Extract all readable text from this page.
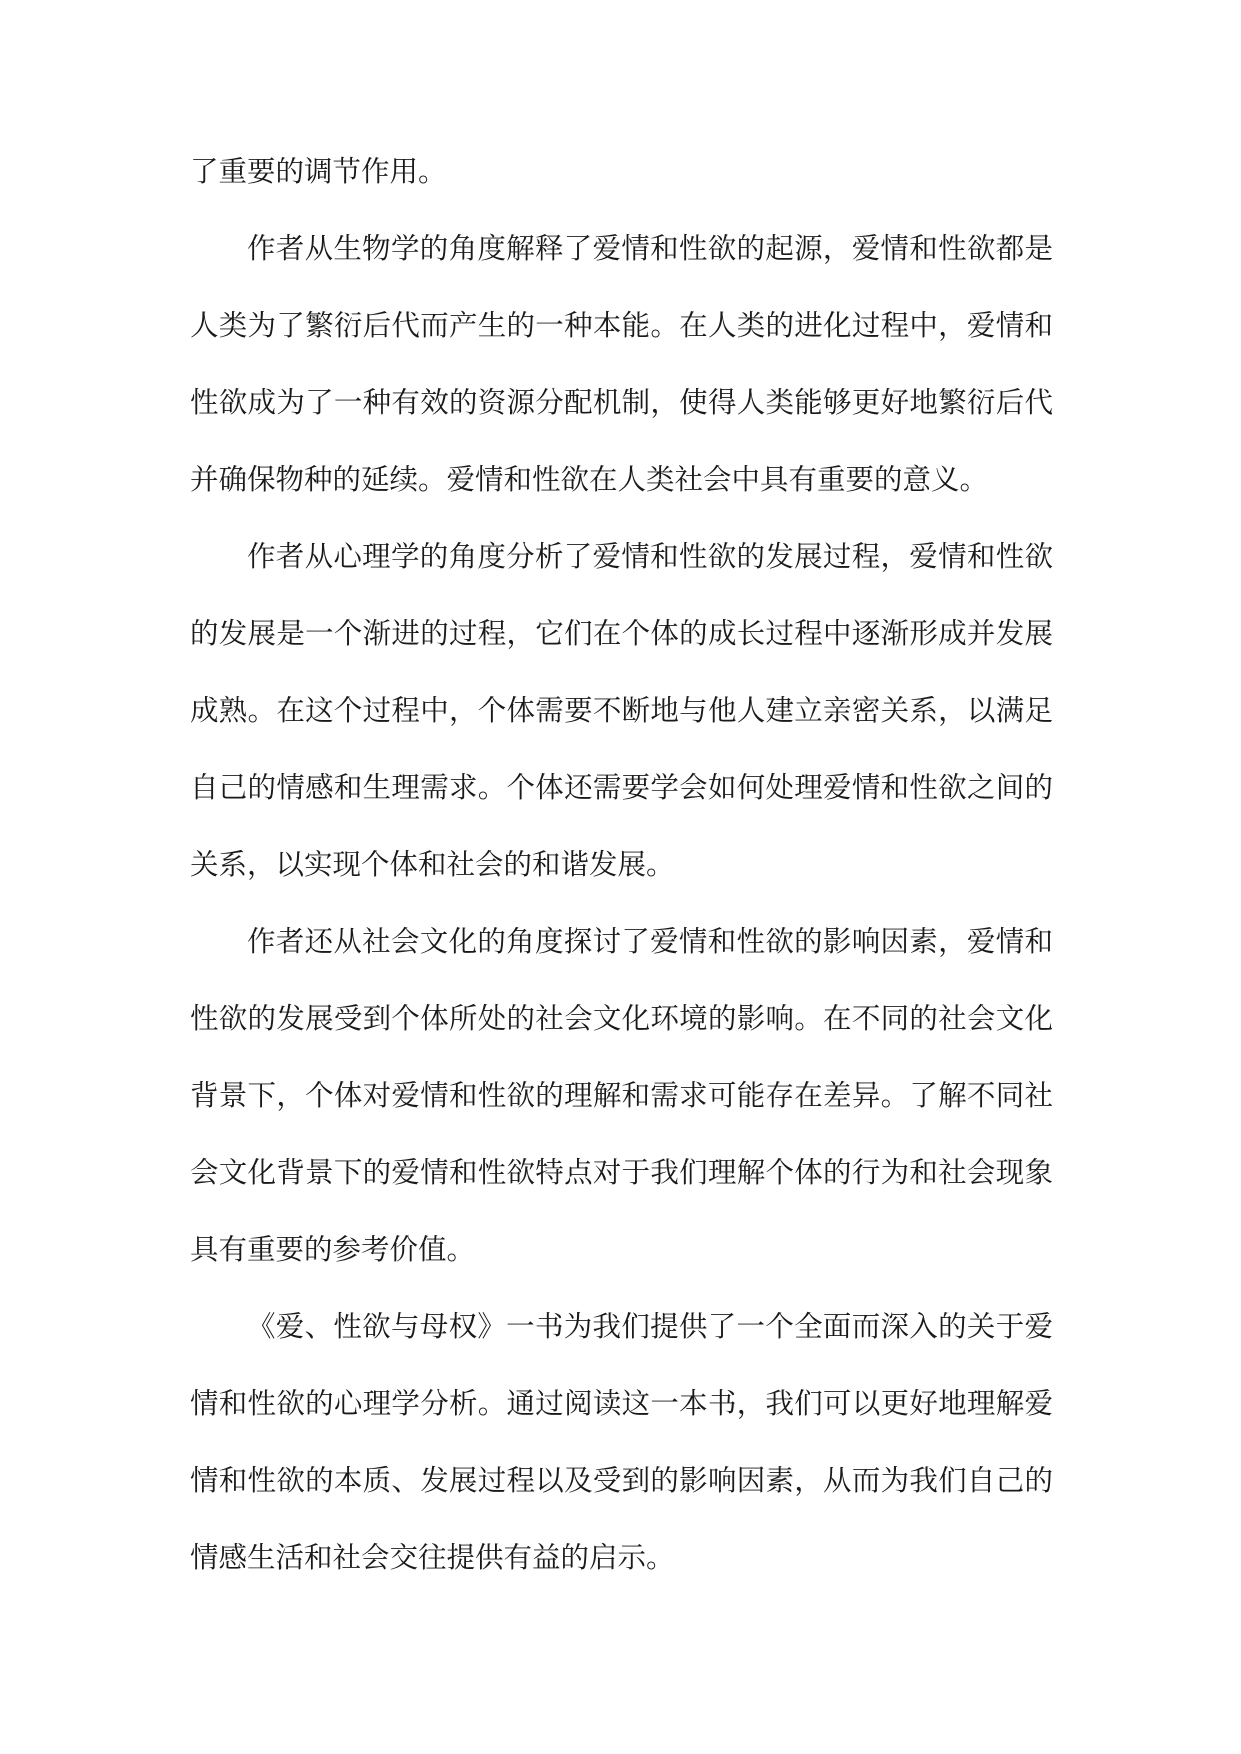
了重要的调节作用。

作者从生物学的角度解释了爱情和性欲的起源，爱情和性欲都是人类为了繁衍后代而产生的一种本能。在人类的进化过程中，爱情和性欲成为了一种有效的资源分配机制，使得人类能够更好地繁衍后代并确保物种的延续。爱情和性欲在人类社会中具有重要的意义。

作者从心理学的角度分析了爱情和性欲的发展过程，爱情和性欲的发展是一个渐进的过程，它们在个体的成长过程中逐渐形成并发展成熟。在这个过程中，个体需要不断地与他人建立亲密关系，以满足自己的情感和生理需求。个体还需要学会如何处理爱情和性欲之间的关系，以实现个体和社会的和谐发展。

作者还从社会文化的角度探讨了爱情和性欲的影响因素，爱情和性欲的发展受到个体所处的社会文化环境的影响。在不同的社会文化背景下，个体对爱情和性欲的理解和需求可能存在差异。了解不同社会文化背景下的爱情和性欲特点对于我们理解个体的行为和社会现象具有重要的参考价值。

《爱、性欲与母权》一书为我们提供了一个全面而深入的关于爱情和性欲的心理学分析。通过阅读这一本书，我们可以更好地理解爱情和性欲的本质、发展过程以及受到的影响因素，从而为我们自己的情感生活和社会交往提供有益的启示。
